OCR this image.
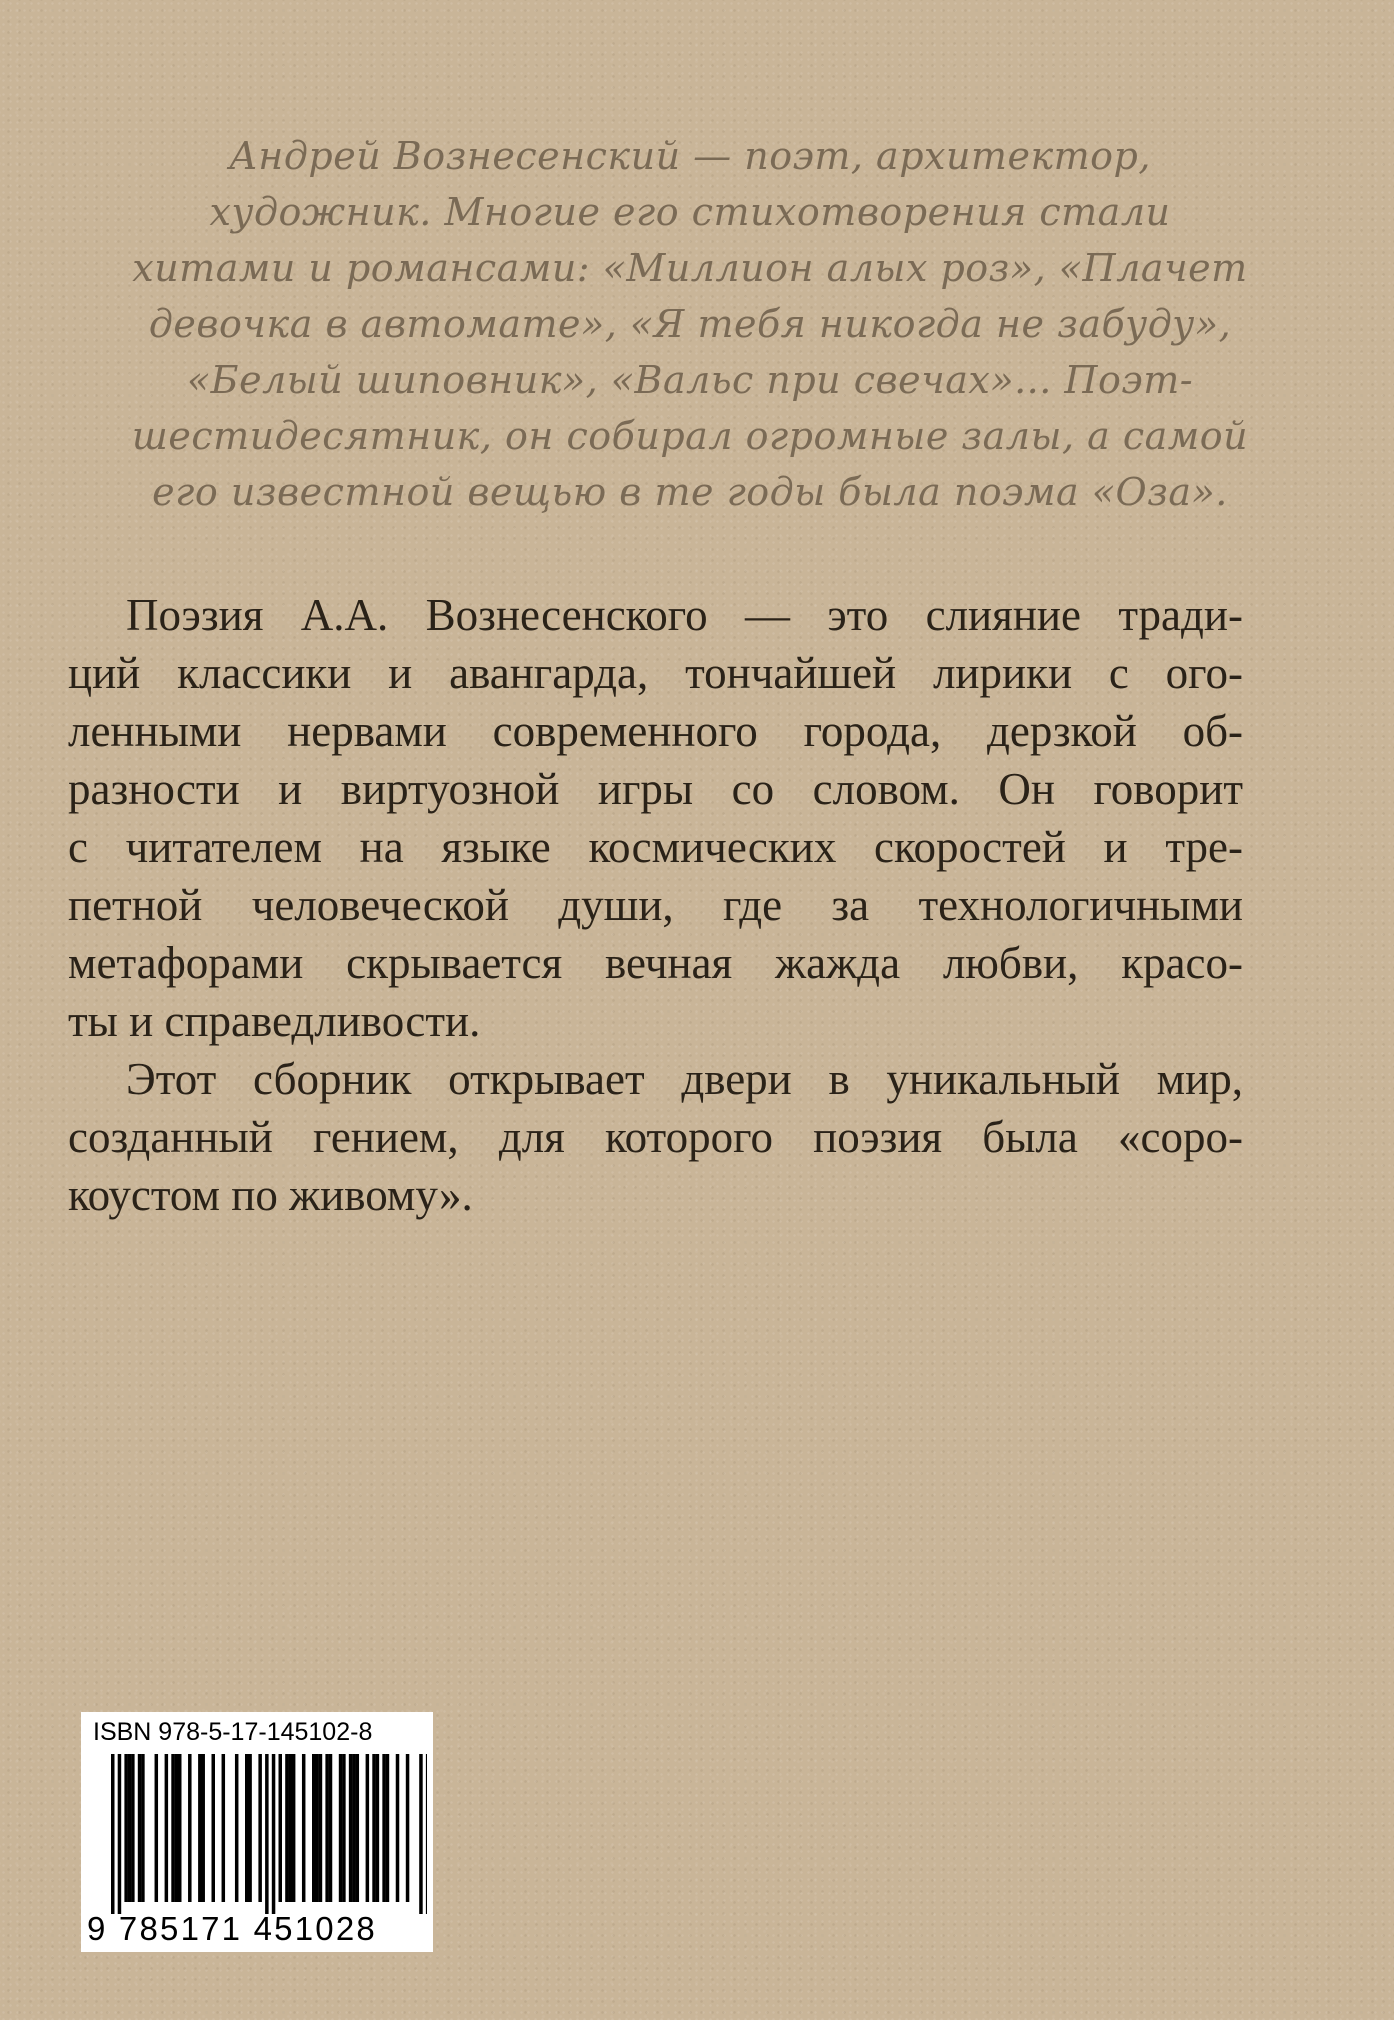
Андрей Вознесенский — поэт, архитектор,
художник. Многие его стихотворения стали
хитами и романсами: «Миллион алых роз», «Плачет
девочка в автомате», «Я тебя никогда не забуду»,
«Белый шиповник», «Вальс при свечах»... Поэт-
шестидесятник, он собирал огромные залы, а самой
его известной вещью в те годы была поэма «Оза».
Поэзия А.А. Вознесенского — это слияние тради-
ций классики и авангарда, тончайшей лирики с ого-
ленными нервами современного города, дерзкой об-
разности и виртуозной игры со словом. Он говорит
с читателем на языке космических скоростей и тре-
петной человеческой души, где за технологичными
метафорами скрывается вечная жажда любви, красо-
ты и справедливости.
Этот сборник открывает двери в уникальный мир,
созданный гением, для которого поэзия была «соро-
коустом по живому».
ISBN 978-5-17-145102-8
9 785171 451028
